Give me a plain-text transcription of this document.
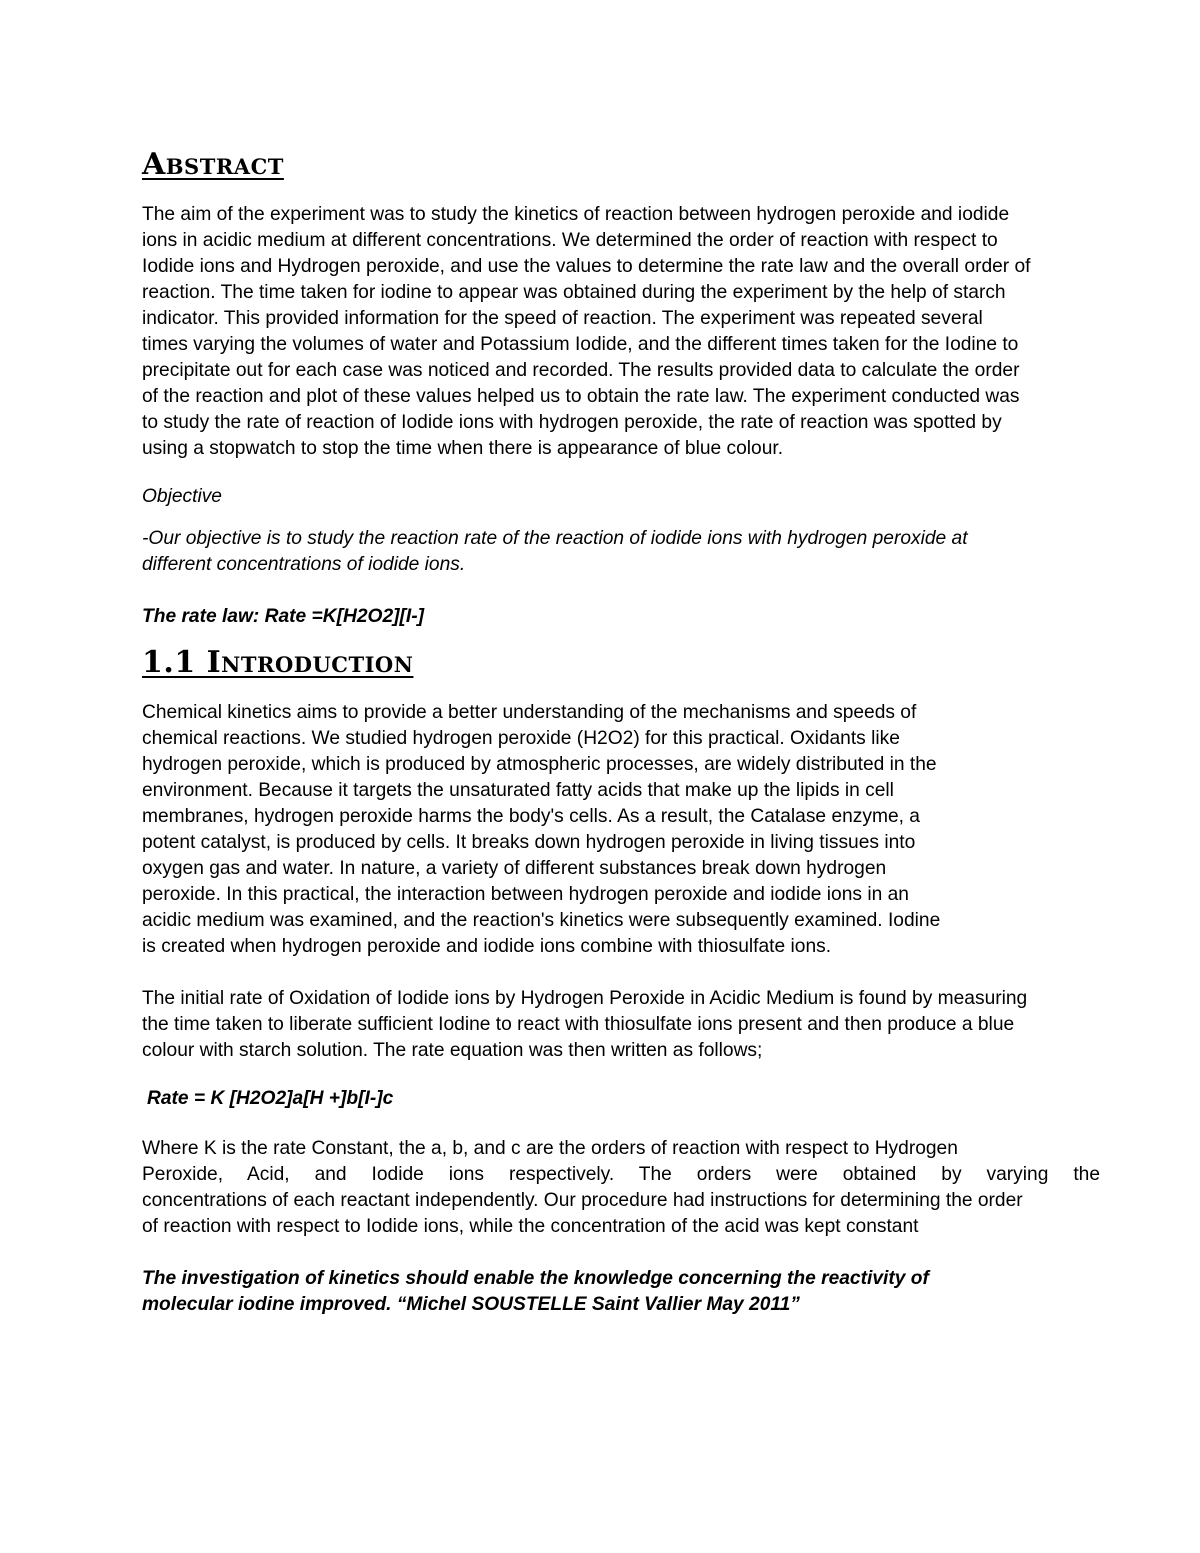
Abstract
The aim of the experiment was to study the kinetics of reaction between hydrogen peroxide and iodide
ions in acidic medium at different concentrations. We determined the order of reaction with respect to
Iodide ions and Hydrogen peroxide, and use the values to determine the rate law and the overall order of
reaction. The time taken for iodine to appear was obtained during the experiment by the help of starch
indicator. This provided information for the speed of reaction. The experiment was repeated several
times varying the volumes of water and Potassium Iodide, and the different times taken for the Iodine to
precipitate out for each case was noticed and recorded. The results provided data to calculate the order
of the reaction and plot of these values helped us to obtain the rate law. The experiment conducted was
to study the rate of reaction of Iodide ions with hydrogen peroxide, the rate of reaction was spotted by
using a stopwatch to stop the time when there is appearance of blue colour.
Objective
-Our objective is to study the reaction rate of the reaction of iodide ions with hydrogen peroxide at
different concentrations of iodide ions.
The rate law: Rate =K[H2O2][I-]
1.1 Introduction
Chemical kinetics aims to provide a better understanding of the mechanisms and speeds of
chemical reactions. We studied hydrogen peroxide (H2O2) for this practical. Oxidants like
hydrogen peroxide, which is produced by atmospheric processes, are widely distributed in the
environment. Because it targets the unsaturated fatty acids that make up the lipids in cell
membranes, hydrogen peroxide harms the body's cells. As a result, the Catalase enzyme, a
potent catalyst, is produced by cells. It breaks down hydrogen peroxide in living tissues into
oxygen gas and water. In nature, a variety of different substances break down hydrogen
peroxide. In this practical, the interaction between hydrogen peroxide and iodide ions in an
acidic medium was examined, and the reaction's kinetics were subsequently examined. Iodine
is created when hydrogen peroxide and iodide ions combine with thiosulfate ions.
The initial rate of Oxidation of Iodide ions by Hydrogen Peroxide in Acidic Medium is found by measuring
the time taken to liberate sufficient Iodine to react with thiosulfate ions present and then produce a blue
colour with starch solution. The rate equation was then written as follows;
Rate = K [H2O2]a[H +]b[I-]c
Where K is the rate Constant, the a, b, and c are the orders of reaction with respect to Hydrogen
Peroxide, Acid, and Iodide ions respectively. The orders were obtained by varying the
concentrations of each reactant independently. Our procedure had instructions for determining the order
of reaction with respect to Iodide ions, while the concentration of the acid was kept constant
The investigation of kinetics should enable the knowledge concerning the reactivity of
molecular iodine improved. “Michel SOUSTELLE Saint Vallier May 2011”
